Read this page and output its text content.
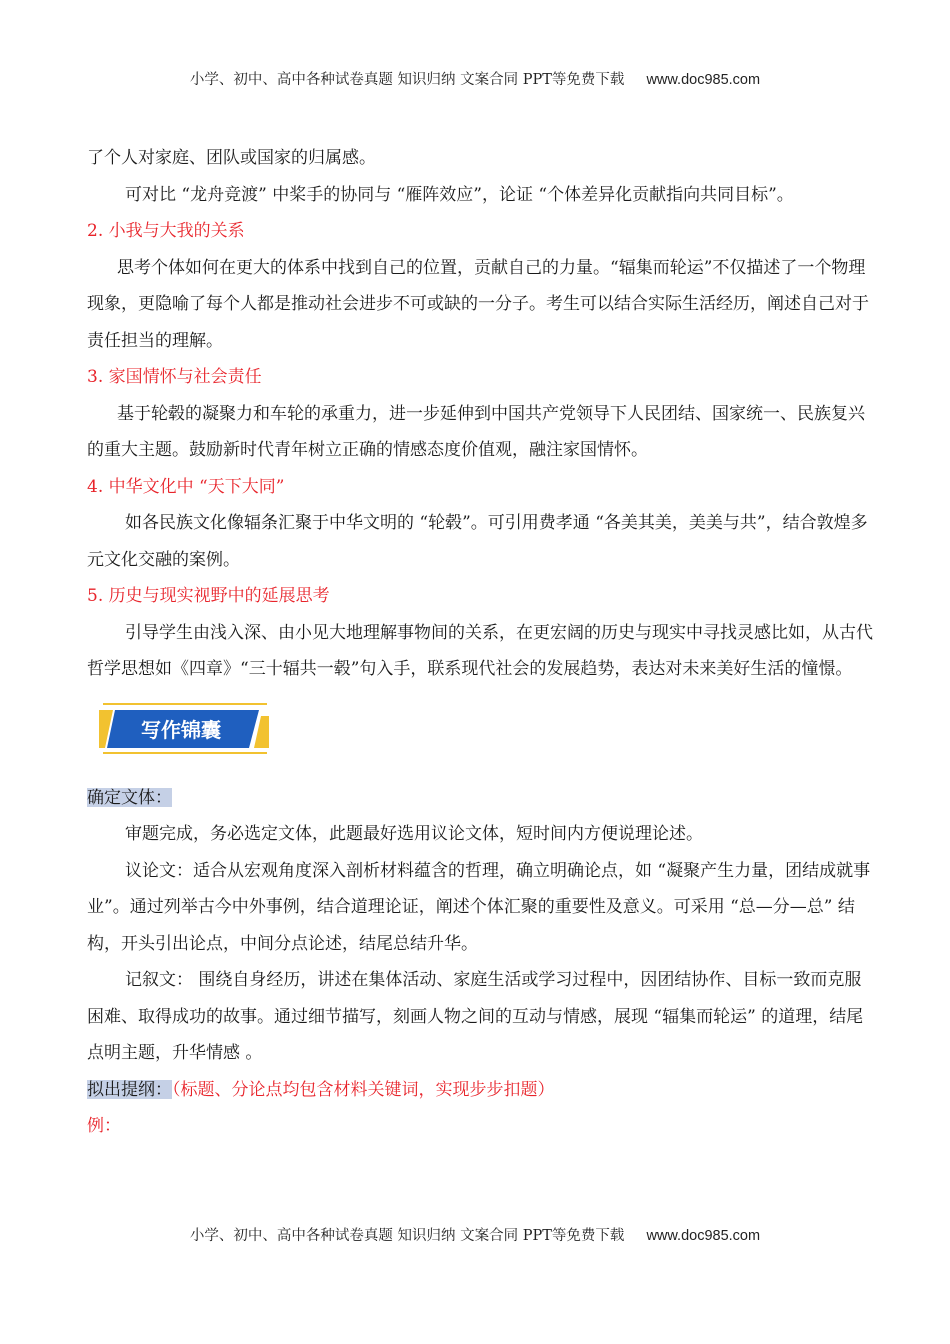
小学、初中、高中各种试卷真题 知识归纳 文案合同 PPT等免费下载 www.doc985.com

了个人对家庭、团队或国家的归属感。

可对比 “龙舟竞渡” 中桨手的协同与 “雁阵效应”，论证 “个体差异化贡献指向共同目标”。

2. 小我与大我的关系

思考个体如何在更大的体系中找到自己的位置，贡献自己的力量。“辐集而轮运”不仅描述了一个物理现象，更隐喻了每个人都是推动社会进步不可或缺的一分子。考生可以结合实际生活经历，阐述自己对于责任担当的理解。

3. 家国情怀与社会责任

基于轮毂的凝聚力和车轮的承重力，进一步延伸到中国共产党领导下人民团结、国家统一、民族复兴的重大主题。鼓励新时代青年树立正确的情感态度价值观，融注家国情怀。

4. 中华文化中 “天下大同”

如各民族文化像辐条汇聚于中华文明的 “轮毂”。可引用费孝通 “各美其美，美美与共”，结合敦煌多元文化交融的案例。

5. 历史与现实视野中的延展思考

引导学生由浅入深、由小见大地理解事物间的关系，在更宏阔的历史与现实中寻找灵感比如，从古代哲学思想如《四章》“三十辐共一毂”句入手，联系现代社会的发展趋势，表达对未来美好生活的憧憬。

写作锦囊

确定文体：

审题完成，务必选定文体，此题最好选用议论文体，短时间内方便说理论述。

议论文：适合从宏观角度深入剖析材料蕴含的哲理，确立明确论点，如 “凝聚产生力量，团结成就事业”。通过列举古今中外事例，结合道理论证，阐述个体汇聚的重要性及意义。可采用 “总—分—总” 结构，开头引出论点，中间分点论述，结尾总结升华。

记叙文： 围绕自身经历，讲述在集体活动、家庭生活或学习过程中，因团结协作、目标一致而克服困难、取得成功的故事。通过细节描写，刻画人物之间的互动与情感，展现 “辐集而轮运” 的道理，结尾点明主题，升华情感 。

拟出提纲：（标题、分论点均包含材料关键词，实现步步扣题）

例：

小学、初中、高中各种试卷真题 知识归纳 文案合同 PPT等免费下载 www.doc985.com
